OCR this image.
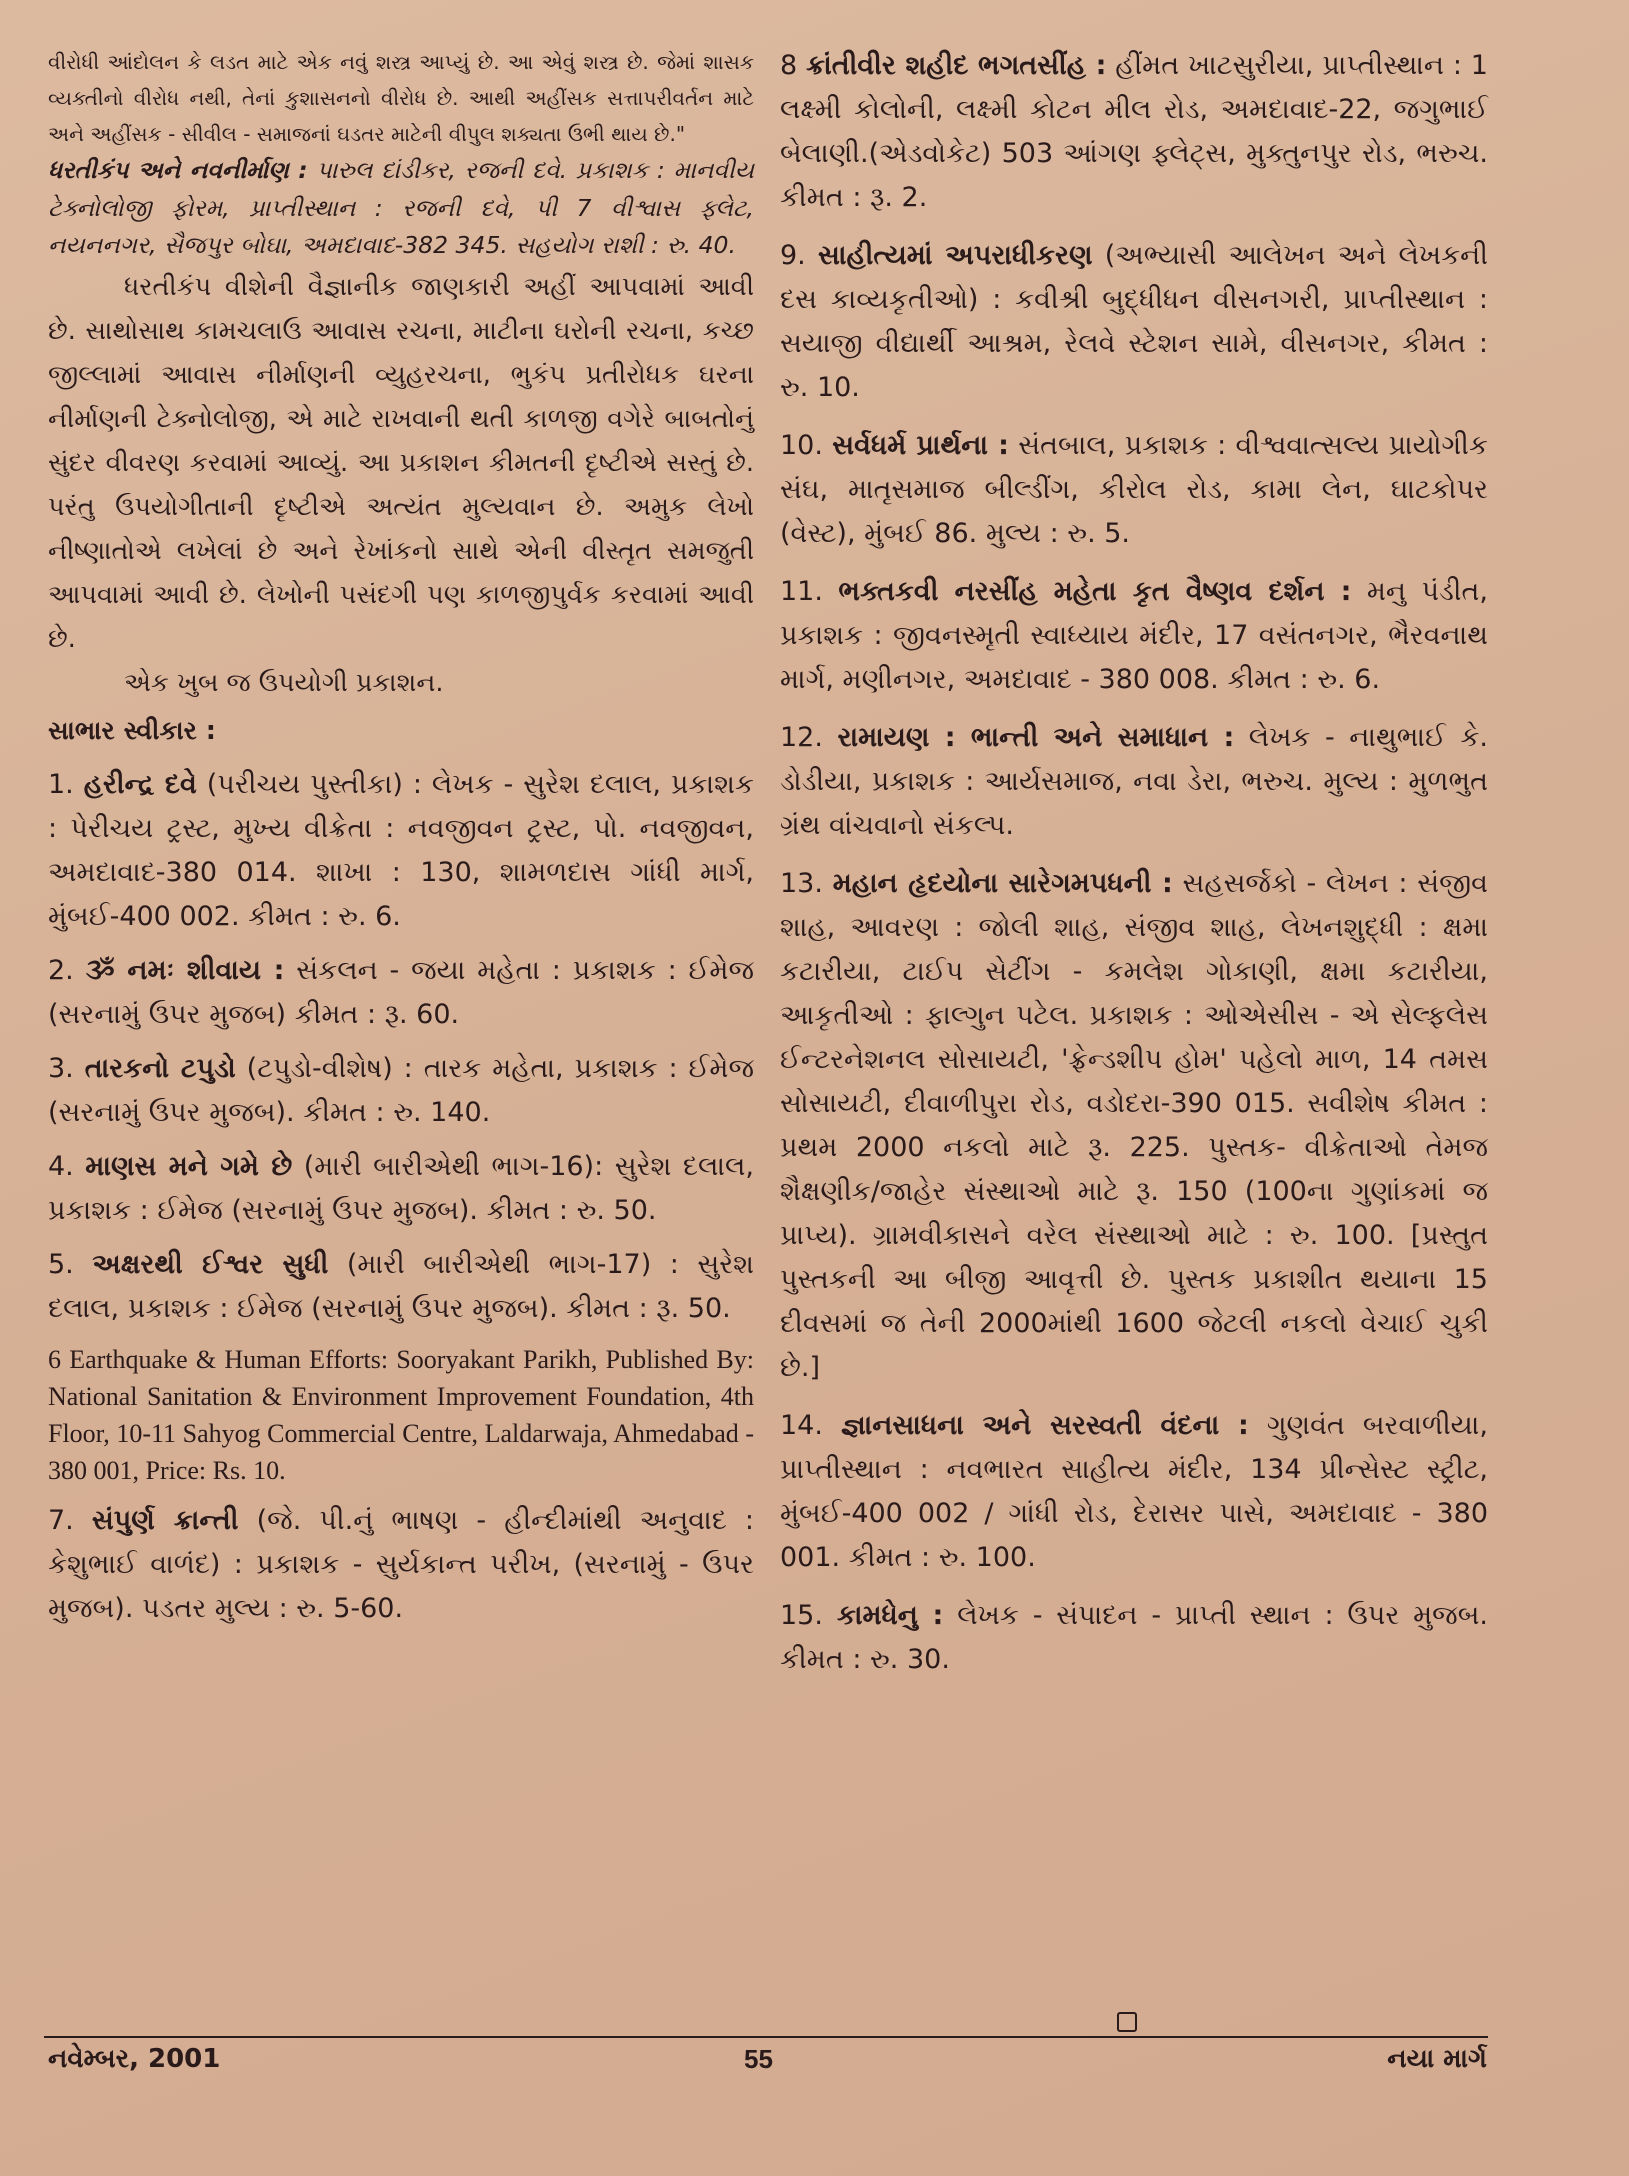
વીરોધી આંદોલન કે લડત માટે એક નવું શસ્ત્ર આપ્યું છે. આ એવું શસ્ત્ર છે. જેમાં શાસક વ્યક્તીનો વીરોધ નથી, તેનાં કુશાસનનો વીરોધ છે. આથી અહીંસક સત્તાપરીવર્તન માટે અને અહીંસક - સીવીલ - સમાજનાં ઘડતર માટેની વીપુલ શક્યતા ઉભી થાય છે."

ધરતીકંપ અને નવનીર્માણ : પારુલ દાંડીકર, રજની દવે. પ્રકાશક : માનવીય ટેક્નોલોજી ફોરમ, પ્રાપ્તીસ્થાન : રજની દવે, પી 7 વીશ્વાસ ફ્લેટ, નયનનગર, સૈજપુર બોઘા, અમદાવાદ-382 345. સહયોગ રાશી : રુ. 40.

ધરતીકંપ વીશેની વૈજ્ઞાનીક જાણકારી અહીં આપવામાં આવી છે. સાથોસાથ કામચલાઉ આવાસ રચના, માટીના ઘરોની રચના, કચ્છ જીલ્લામાં આવાસ નીર્માણની વ્યુહરચના, ભુકંપ પ્રતીરોધક ઘરના નીર્માણની ટેક્નોલોજી, એ માટે રાખવાની થતી કાળજી વગેરે બાબતોનું સુંદર વીવરણ કરવામાં આવ્યું. આ પ્રકાશન કીમતની દૃષ્ટીએ સસ્તું છે. પરંતુ ઉપયોગીતાની દૃષ્ટીએ અત્યંત મુલ્યવાન છે. અમુક લેખો નીષ્ણાતોએ લખેલાં છે અને રેખાંકનો સાથે એની વીસ્તૃત સમજુતી આપવામાં આવી છે. લેખોની પસંદગી પણ કાળજીપુર્વક કરવામાં આવી છે.

એક ખુબ જ ઉપયોગી પ્રકાશન.

સાભાર સ્વીકાર :

1. હરીન્દ્ર દવે (પરીચય પુસ્તીકા) : લેખક - સુરેશ દલાલ, પ્રકાશક : પેરીચય ટ્રસ્ટ, મુખ્ય વીક્રેતા : નવજીવન ટ્રસ્ટ, પો. નવજીવન, અમદાવાદ-380 014. શાખા : 130, શામળદાસ ગાંધી માર્ગ, મુંબઈ-400 002. કીમત : રુ. 6.

2. ૐ નમઃ શીવાય : સંકલન - જયા મહેતા : પ્રકાશક : ઈમેજ (સરનામું ઉપર મુજબ) કીમત : રૂ. 60.

3. તારકનો ટપુડો (ટપુડો-વીશેષ) : તારક મહેતા, પ્રકાશક : ઈમેજ (સરનામું ઉપર મુજબ). કીમત : રુ. 140.

4. માણસ મને ગમે છે (મારી બારીએથી ભાગ-16): સુરેશ દલાલ, પ્રકાશક : ઈમેજ (સરનામું ઉપર મુજબ). કીમત : રુ. 50.

5. અક્ષરથી ઈશ્વર સુધી (મારી બારીએથી ભાગ-17) : સુરેશ દલાલ, પ્રકાશક : ઈમેજ (સરનામું ઉપર મુજબ). કીમત : રૂ. 50.

6 Earthquake & Human Efforts: Sooryakant Parikh, Published By: National Sanitation & Environment Improvement Foundation, 4th Floor, 10-11 Sahyog Commercial Centre, Laldarwaja, Ahmedabad - 380 001, Price: Rs. 10.

7. સંપુર્ણ ક્રાન્તી (જે. પી.નું ભાષણ - હીન્દીમાંથી અનુવાદ : કેશુભાઈ વાળંદ) : પ્રકાશક - સુર્યકાન્ત પરીખ, (સરનામું - ઉપર મુજબ). પડતર મુલ્ય : રુ. 5-60.

8 ક્રાંતીવીર શહીદ ભગતસીંહ : હીંમત ખાટસુરીયા, પ્રાપ્તીસ્થાન : 1 લક્ષ્મી કોલોની, લક્ષ્મી કોટન મીલ રોડ, અમદાવાદ-22, જગુભાઈ બેલાણી.(એડવોકેટ) 503 આંગણ ફ્લેટ્સ, મુક્તુનપુર રોડ, ભરુચ. કીમત : રૂ. 2.

9. સાહીત્યમાં અપરાધીકરણ (અભ્યાસી આલેખન અને લેખકની દસ કાવ્યકૃતીઓ) : કવીશ્રી બુદ્ધીધન વીસનગરી, પ્રાપ્તીસ્થાન : સયાજી વીદ્યાર્થી આશ્રમ, રેલવે સ્ટેશન સામે, વીસનગર, કીમત : રુ. 10.

10. સર્વધર્મ પ્રાર્થના : સંતબાલ, પ્રકાશક : વીશ્વવાત્સલ્ય પ્રાયોગીક સંઘ, માતૃસમાજ બીલ્ડીંગ, કીરોલ રોડ, કામા લેન, ઘાટકોપર (વેસ્ટ), મુંબઈ 86. મુલ્ય : રુ. 5.

11. ભક્તકવી નરસીંહ મહેતા કૃત વૈષ્ણવ દર્શન : મનુ પંડીત, પ્રકાશક : જીવનસ્મૃતી સ્વાધ્યાય મંદીર, 17 વસંતનગર, ભૈરવનાથ માર્ગ, મણીનગર, અમદાવાદ - 380 008. કીમત : રુ. 6.

12. રામાયણ : ભાન્તી અને સમાધાન : લેખક - નાથુભાઈ કે. ડોડીયા, પ્રકાશક : આર્યસમાજ, નવા ડેરા, ભરુચ. મુલ્ય : મુળભુત ગ્રંથ વાંચવાનો સંકલ્પ.

13. મહાન હૃદયોના સારેગમપધની : સહસર્જકો - લેખન : સંજીવ શાહ, આવરણ : જોલી શાહ, સંજીવ શાહ, લેખનશુદ્ધી : ક્ષમા કટારીયા, ટાઈપ સેટીંગ - કમલેશ ગોકાણી, ક્ષમા કટારીયા, આકૃતીઓ : ફાલ્ગુન પટેલ. પ્રકાશક : ઓએસીસ - એ સેલ્ફલેસ ઈન્ટરનેશનલ સોસાયટી, 'ફ્રેન્ડશીપ હોમ' પહેલો માળ, 14 તમસ સોસાયટી, દીવાળીપુરા રોડ, વડોદરા-390 015. સવીશેષ કીમત : પ્રથમ 2000 નકલો માટે રૂ. 225. પુસ્તક- વીક્રેતાઓ તેમજ શૈક્ષણીક/જાહેર સંસ્થાઓ માટે રૂ. 150 (100ના ગુણાંકમાં જ પ્રાપ્ય). ગ્રામવીકાસને વરેલ સંસ્થાઓ માટે : રુ. 100. [પ્રસ્તુત પુસ્તકની આ બીજી આવૃત્તી છે. પુસ્તક પ્રકાશીત થયાના 15 દીવસમાં જ તેની 2000માંથી 1600 જેટલી નકલો વેચાઈ ચુકી છે.]

14. જ્ઞાનસાધના અને સરસ્વતી વંદના : ગુણવંત બરવાળીયા, પ્રાપ્તીસ્થાન : નવભારત સાહીત્ય મંદીર, 134 પ્રીન્સેસ્ટ સ્ટ્રીટ, મુંબઈ-400 002 / ગાંધી રોડ, દેરાસર પાસે, અમદાવાદ - 380 001. કીમત : રુ. 100.

15. કામધેનુ : લેખક - સંપાદન - પ્રાપ્તી સ્થાન : ઉપર મુજબ. કીમત : રુ. 30.

નવેમ્બર, 2001	55	નયા માર્ગ
